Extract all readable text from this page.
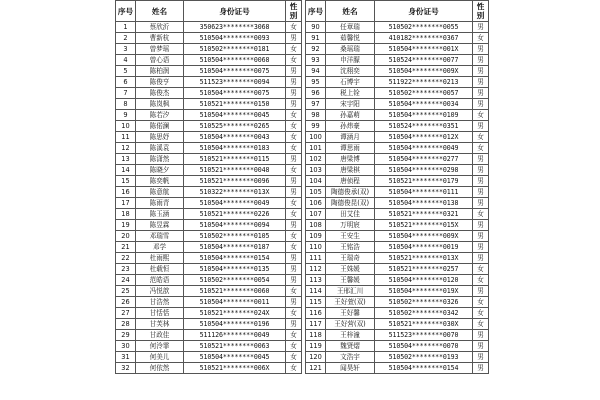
序号	姓名	身份证号	性别
1	蔡欣沂	350623********3068	女
2	曹新杭	510504********0093	男
3	曾梦瑶	510502********0181	女
4	曾心语	510504********0068	女
5	陈柏润	510504********0075	男
6	陈俊亨	511523********0094	男
7	陈俊杰	510504********0075	男
8	陈岚枫	510521********0150	男
9	陈若汐	510504********0045	女
10	陈偌澜	510525********0265	女
11	陈思妤	510504********0043	女
12	陈溪袁	510504********0183	女
13	陈潇然	510521********0115	男
14	陈晓夕	510521********0048	女
15	陈奕帆	510521********0096	男
16	陈意航	510322********013X	男
17	陈雨青	510504********0049	女
18	陈玉涵	510521********0226	女
19	陈昱霖	510504********0094	男
20	邓瑞雪	510502********0105	女
21	邓学	510504********0187	女
22	杜雨熙	510504********0154	男
23	杜载恒	510504********0135	男
24	范皓语	510502********0054	男
25	冯悦歆	510521********0060	女
26	甘浩然	510504********0011	男
27	甘恬恬	510521********024X	女
28	甘芙林	510504********0196	男
29	甘政佳	511126********0049	女
30	何泠霏	510521********0063	女
31	何美儿	510504********0045	女
32	何依然	510521********006X	女
序号	姓名	身份证号	性别
90	任章瑞	510502********0055	男
91	茹馨悦	410182********0367	女
92	桑瑶瑞	510504********001X	男
93	申洋朦	510524********0077	男
94	沈栩奕	510504********009X	男
95	石博宇	511922********0213	男
96	税上铨	510502********0057	男
97	宋宇阳	510504********0034	男
98	孙嘉萌	510504********0109	女
99	孙炜豪	510524********0351	男
100	谭涵月	510504********012X	女
101	谭思雨	510504********0049	女
102	唐梁博	510504********0277	男
103	唐梁棋	510504********0298	男
104	唐侦程	510521********0179	男
105	陶德俊承(双)	510504********0111	男
106	陶德俊昆(双)	510504********0138	男
107	田艾佳	510521********0321	女
108	万明宸	510521********015X	男
109	王安生	510504********009X	男
110	王铭浩	510504********0019	男
111	王瑞奇	510521********013X	男
112	王姝媛	510521********0257	女
113	王馨媛	510504********0120	女
114	王邢汇川	510504********019X	男
115	王好萱(双)	510502********0326	女
116	王好馨	510502********0342	女
117	王好营(双)	510521********030X	女
118	王梓潼	511523********0070	男
119	魏贤熠	510504********0070	男
120	文浩宇	510502********0193	男
121	闻昊轩	510504********0154	男
